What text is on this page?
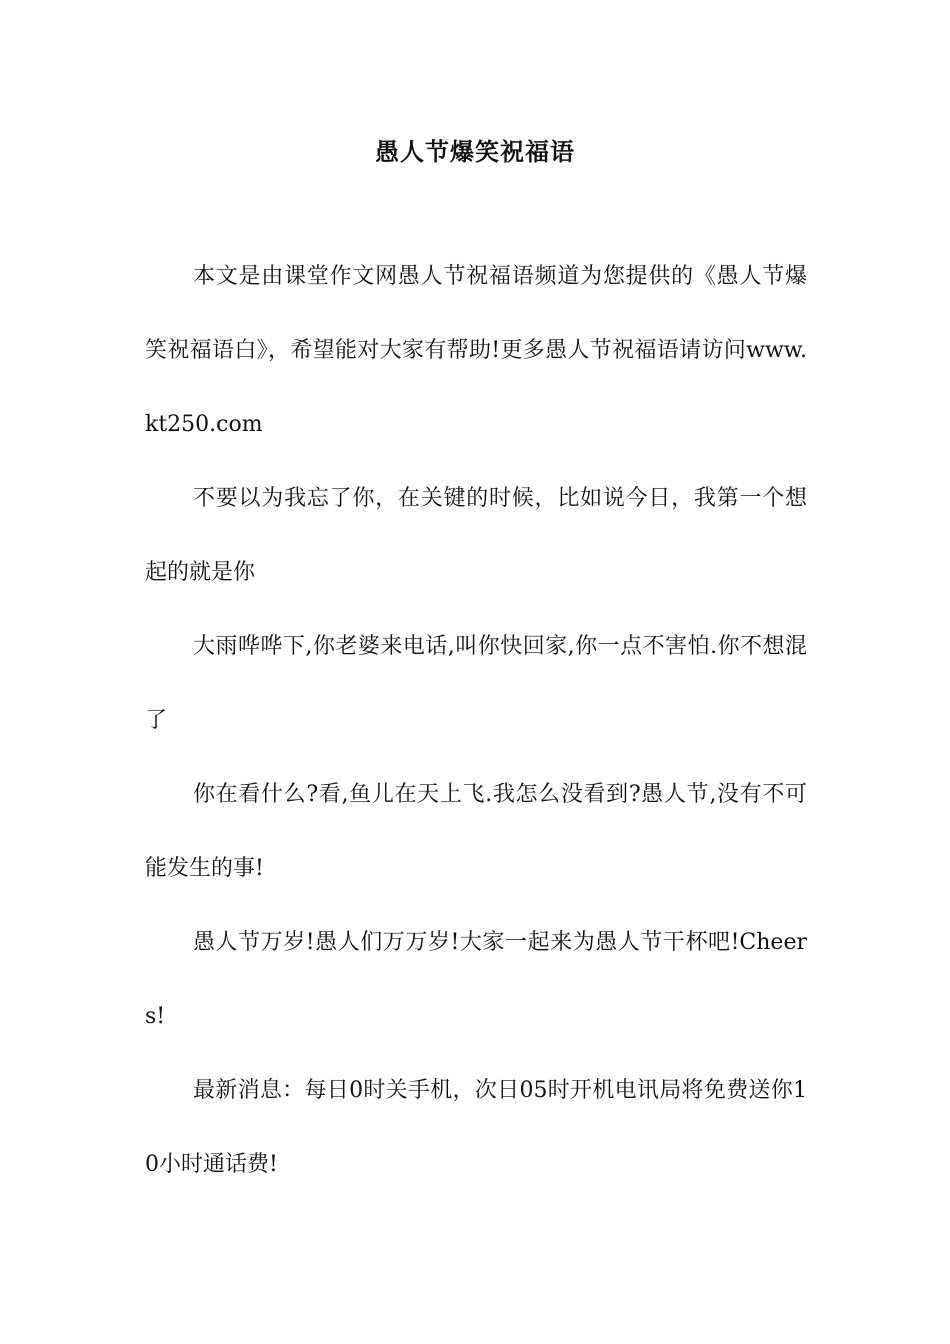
愚人节爆笑祝福语

本文是由课堂作文网愚人节祝福语频道为您提供的《愚人节爆笑祝福语白》，希望能对大家有帮助!更多愚人节祝福语请访问www.kt250.com

不要以为我忘了你，在关键的时候，比如说今日，我第一个想起的就是你

大雨哗哗下,你老婆来电话,叫你快回家,你一点不害怕.你不想混了

你在看什么?看,鱼儿在天上飞.我怎么没看到?愚人节,没有不可能发生的事!

愚人节万岁!愚人们万万岁!大家一起来为愚人节干杯吧!Cheers!

最新消息：每日0时关手机，次日05时开机电讯局将免费送你10小时通话费!
